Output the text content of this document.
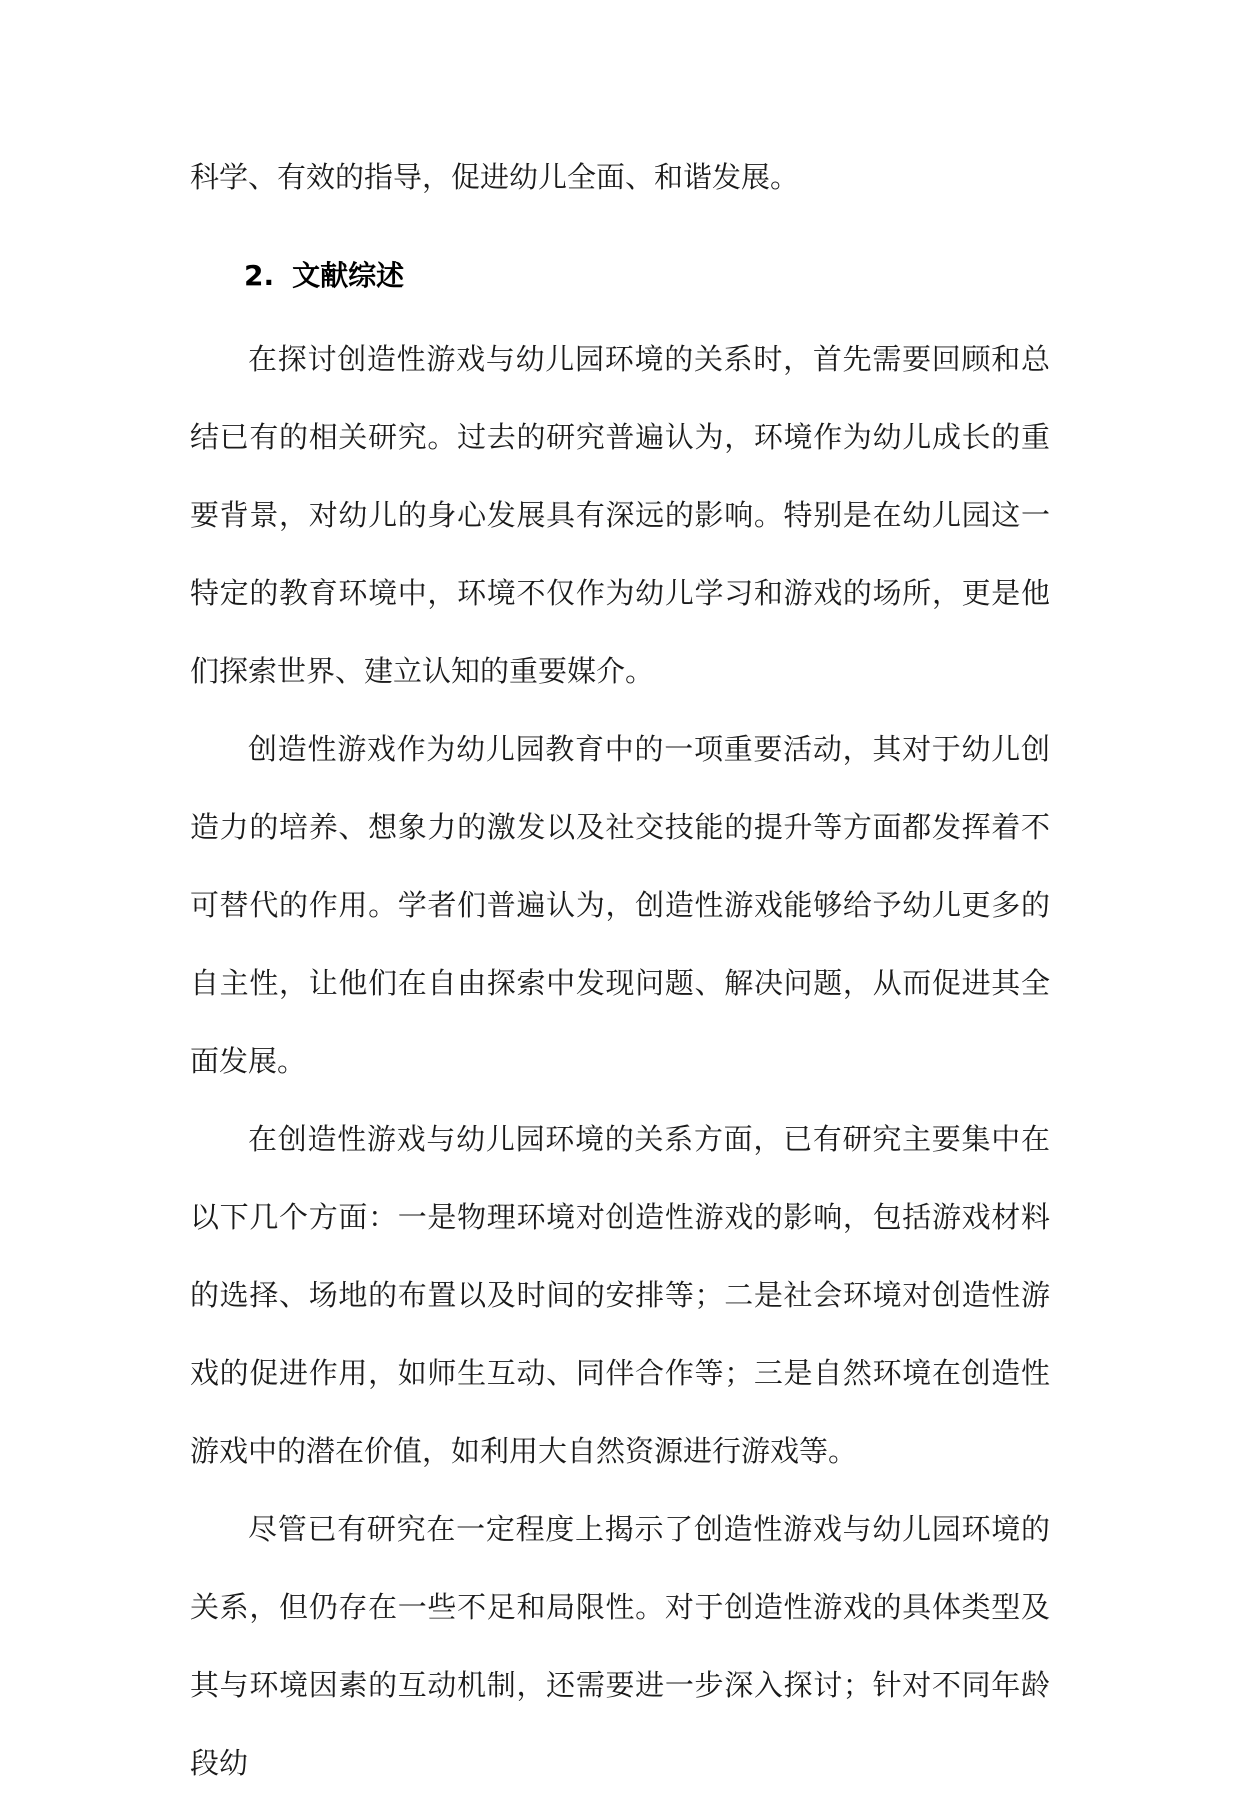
科学、有效的指导，促进幼儿全面、和谐发展。

2. 文献综述

在探讨创造性游戏与幼儿园环境的关系时，首先需要回顾和总结已有的相关研究。过去的研究普遍认为，环境作为幼儿成长的重要背景，对幼儿的身心发展具有深远的影响。特别是在幼儿园这一特定的教育环境中，环境不仅作为幼儿学习和游戏的场所，更是他们探索世界、建立认知的重要媒介。

创造性游戏作为幼儿园教育中的一项重要活动，其对于幼儿创造力的培养、想象力的激发以及社交技能的提升等方面都发挥着不可替代的作用。学者们普遍认为，创造性游戏能够给予幼儿更多的自主性，让他们在自由探索中发现问题、解决问题，从而促进其全面发展。

在创造性游戏与幼儿园环境的关系方面，已有研究主要集中在以下几个方面：一是物理环境对创造性游戏的影响，包括游戏材料的选择、场地的布置以及时间的安排等；二是社会环境对创造性游戏的促进作用，如师生互动、同伴合作等；三是自然环境在创造性游戏中的潜在价值，如利用大自然资源进行游戏等。

尽管已有研究在一定程度上揭示了创造性游戏与幼儿园环境的关系，但仍存在一些不足和局限性。对于创造性游戏的具体类型及其与环境因素的互动机制，还需要进一步深入探讨；针对不同年龄段幼
